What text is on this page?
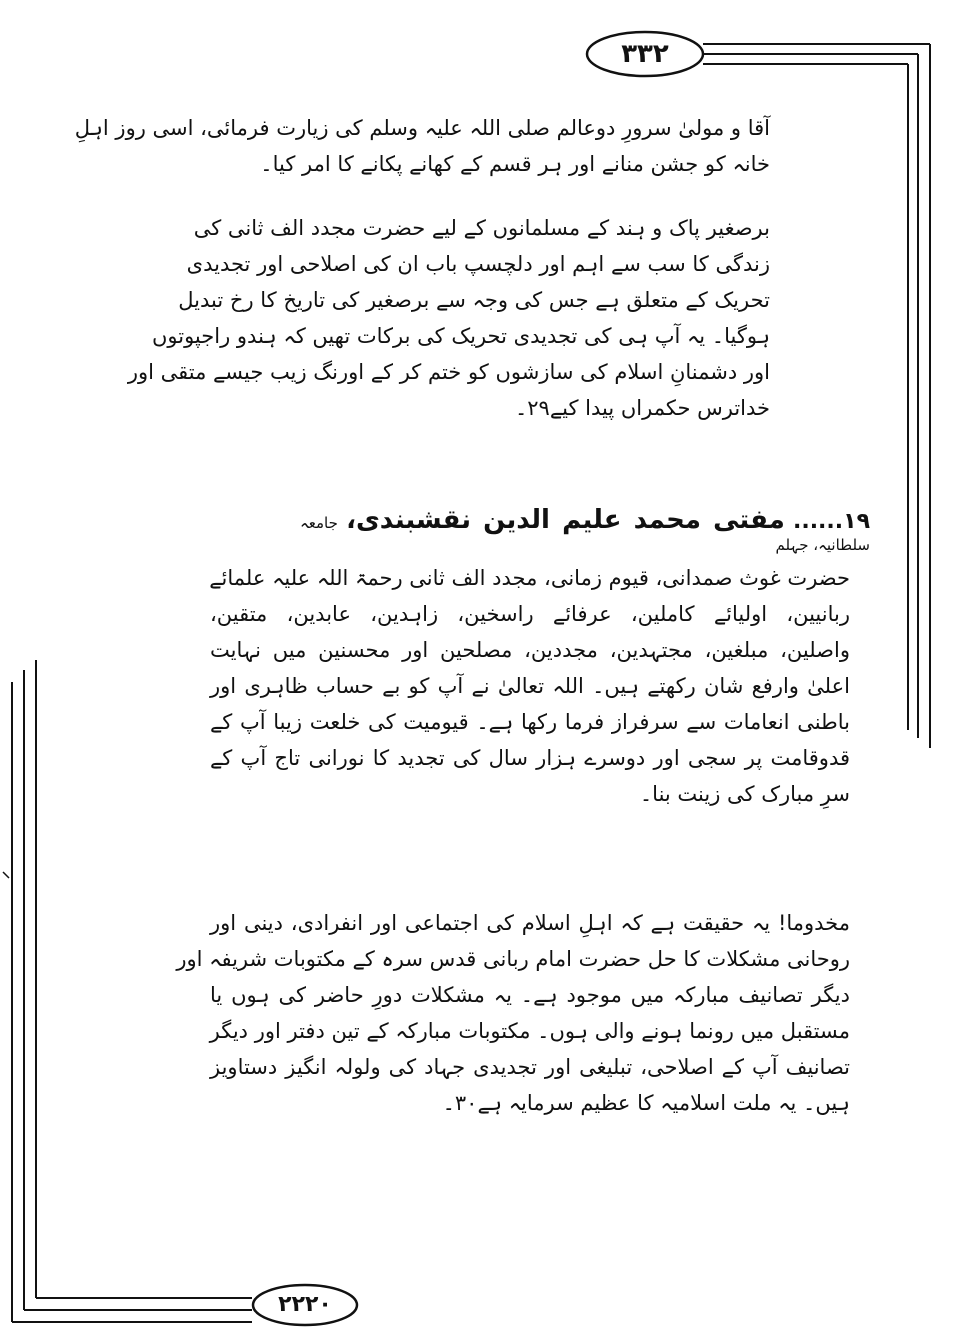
۳۳۲
۲۲۲۰
آقا و مولیٰ سرورِ دوعالم صلی اللہ علیہ وسلم کی زیارت فرمائی، اسی روز اہلِ
خانہ کو جشن منانے اور ہر قسم کے کھانے پکانے کا امر کیا۔
برصغیر پاک و ہند کے مسلمانوں کے لیے حضرت مجدد الف ثانی کی
زندگی کا سب سے اہم اور دلچسپ باب ان کی اصلاحی اور تجدیدی
تحریک کے متعلق ہے جس کی وجہ سے برصغیر کی تاریخ کا رخ تبدیل
ہوگیا۔ یہ آپ ہی کی تجدیدی تحریک کی برکات تھیں کہ ہندو راجپوتوں
اور دشمنانِ اسلام کی سازشوں کو ختم کر کے اورنگ زیب جیسے متقی اور
خداترس حکمراں پیدا کیے۲۹۔
۱۹...... مفتی محمد علیم الدین نقشبندی، جامعہ سلطانیہ، جہلم
حضرت غوث صمدانی، قیوم زمانی، مجدد الف ثانی رحمۃ اللہ علیہ علمائے
ربانیین، اولیائے کاملین، عرفائے راسخین، زاہدین، عابدین، متقین،
واصلین، مبلغین، مجتہدین، مجددین، مصلحین اور محسنین میں نہایت
اعلیٰ وارفع شان رکھتے ہیں۔ اللہ تعالیٰ نے آپ کو بے حساب ظاہری اور
باطنی انعامات سے سرفراز فرما رکھا ہے۔ قیومیت کی خلعت زیبا آپ کے
قدوقامت پر سجی اور دوسرے ہزار سال کی تجدید کا نورانی تاج آپ کے
سرِ مبارک کی زینت بنا۔
مخدوما! یہ حقیقت ہے کہ اہلِ اسلام کی اجتماعی اور انفرادی، دینی اور
روحانی مشکلات کا حل حضرت امام ربانی قدس سرہ کے مکتوبات شریفہ اور
دیگر تصانیف مبارکہ میں موجود ہے۔ یہ مشکلات دورِ حاضر کی ہوں یا
مستقبل میں رونما ہونے والی ہوں۔ مکتوبات مبارکہ کے تین دفتر اور دیگر
تصانیف آپ کے اصلاحی، تبلیغی اور تجدیدی جہاد کی ولولہ انگیز دستاویز
ہیں۔ یہ ملت اسلامیہ کا عظیم سرمایہ ہے۳۰۔
